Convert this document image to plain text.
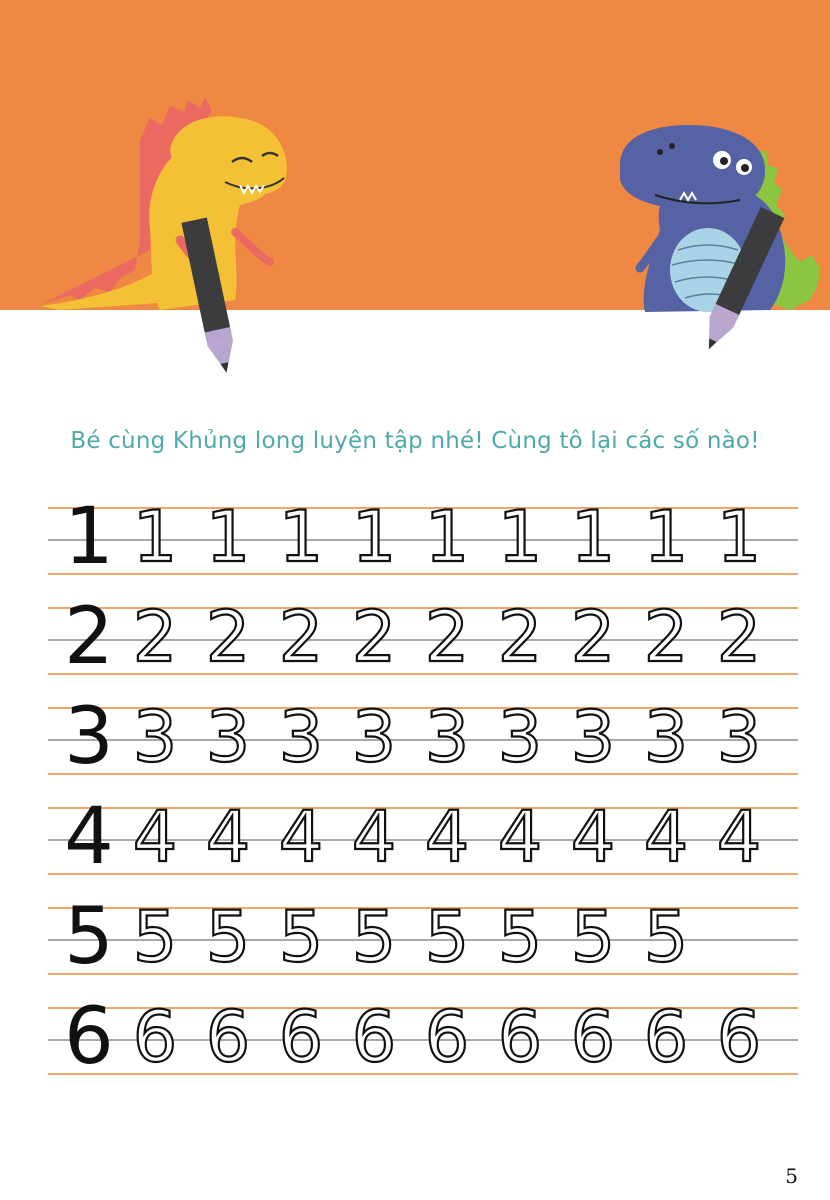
Bé cùng Khủng long luyện tập nhé! Cùng tô lại các số nào!
1 1 1 1 1 1 1 1 1 1
2 2 2 2 2 2 2 2 2 2
3 3 3 3 3 3 3 3 3 3
4 4 4 4 4 4 4 4 4 4
5 5 5 5 5 5 5 5 5
6 6 6 6 6 6 6 6 6 6
5
